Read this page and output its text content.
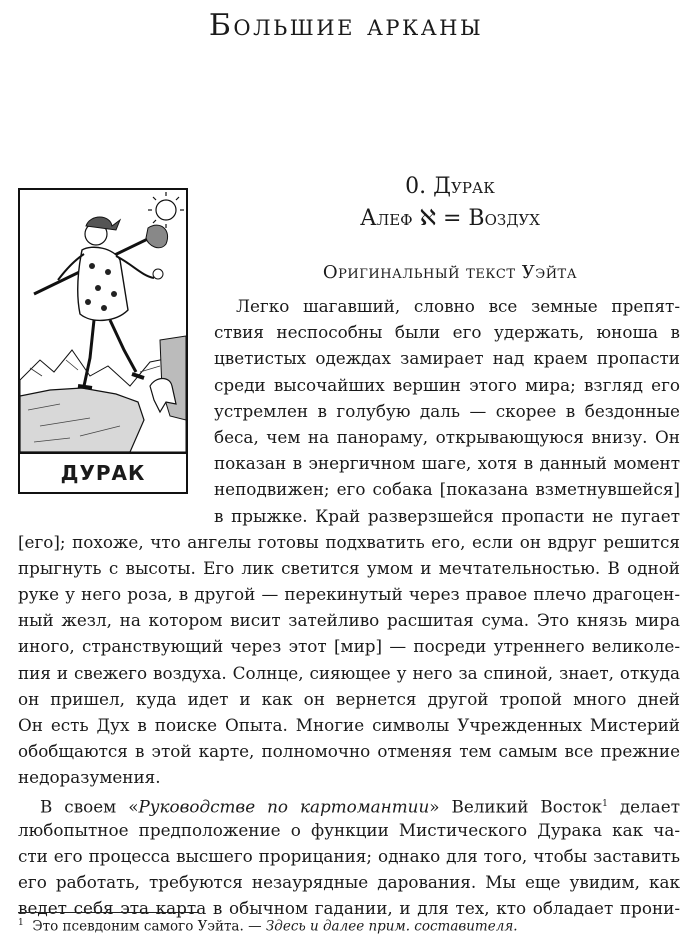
Большие арканы
ДУРАК
0. Дурак
Алеф ℵ = Воздух
Оригинальный текст Уэйта
Легко шагавший, словно все земные препят-
ствия неспособны были его удержать, юноша в
цветистых одеждах замирает над краем пропасти
среди высочайших вершин этого мира; взгляд его
устремлен в голубую даль — скорее в бездонные
беса, чем на панораму, открывающуюся внизу. Он
показан в энергичном шаге, хотя в данный момент
неподвижен; его собака [показана взметнувшейся]
в прыжке. Край разверзшейся пропасти не пугает
[его]; похоже, что ангелы готовы подхватить его, если он вдруг решится
прыгнуть с высоты. Его лик светится умом и мечтательностью. В одной
руке у него роза, в другой — перекинутый через правое плечо драгоцен-
ный жезл, на котором висит затейливо расшитая сума. Это князь мира
иного, странствующий через этот [мир] — посреди утреннего великоле-
пия и свежего воздуха. Солнце, сияющее у него за спиной, знает, откуда
он пришел, куда идет и как он вернется другой тропой много дней
Он есть Дух в поиске Опыта. Многие символы Учрежденных Мистерий
обобщаются в этой карте, полномочно отменяя тем самым все прежние
недоразумения.
В своем «Руководстве по картомантии» Великий Восток$^1$ делает
любопытное предположение о функции Мистического Дурака как ча-
сти его процесса высшего прорицания; однако для того, чтобы заставить
его работать, требуются незаурядные дарования. Мы еще увидим, как
ведет себя эта карта в обычном гадании, и для тех, кто обладает прони-
$^1$ Это псевдоним самого Уэйта. — Здесь и далее прим. составителя.
